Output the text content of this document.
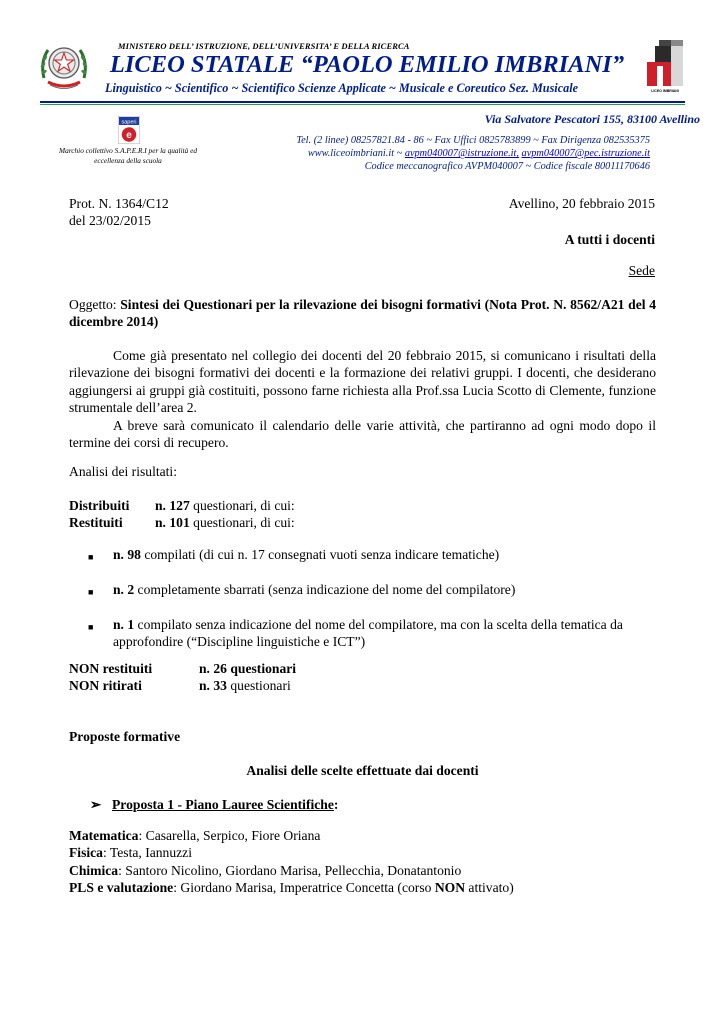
MINISTERO DELL’ ISTRUZIONE, DELL’UNIVERSITA’ E DELLA RICERCA
LICEO STATALE “PAOLO EMILIO IMBRIANI”
Linguistico ~ Scientifico ~ Scientifico Scienze Applicate ~ Musicale e Coreutico Sez. Musicale	LICEO IMBRIANI
Via Salvatore Pescatori 155, 83100 Avellino
saperi
e
Marchio collettivo S.A.P.E.R.I per la qualità ed eccellenza della scuola
Tel. (2 linee) 08257821.84 - 86 ~ Fax Uffici 0825783899 ~ Fax Dirigenza 082535375
www.liceoimbriani.it ~ avpm040007@istruzione.it, avpm040007@pec.istruzione.it
Codice meccanografico AVPM040007 ~ Codice fiscale 80011170646
Prot. N. 1364/C12
del 23/02/2015
Avellino, 20 febbraio 2015
A tutti i docenti
Sede
Oggetto: Sintesi dei Questionari per la rilevazione dei bisogni formativi (Nota Prot. N. 8562/A21 del 4 dicembre 2014)

Come già presentato nel collegio dei docenti del 20 febbraio 2015, si comunicano i risultati della rilevazione dei bisogni formativi dei docenti e la formazione dei relativi gruppi. I docenti, che desiderano aggiungersi ai gruppi già costituiti, possono farne richiesta alla Prof.ssa Lucia Scotto di Clemente, funzione strumentale dell’area 2.

A breve sarà comunicato il calendario delle varie attività, che partiranno ad ogni modo dopo il termine dei corsi di recupero.

Analisi dei risultati:
Distribuiti	n. 127 questionari, di cui:
Restituiti	n. 101 questionari, di cui:
■	n. 98 compilati (di cui n. 17 consegnati vuoti senza indicare tematiche)
■	n. 2 completamente sbarrati (senza indicazione del nome del compilatore)
■	n. 1 compilato senza indicazione del nome del compilatore, ma con la scelta della tematica da approfondire (“Discipline linguistiche e ICT”)
NON restituiti	n. 26 questionari
NON ritirati	n. 33 questionari
Proposte formative
Analisi delle scelte effettuate dai docenti
➢ Proposta 1 - Piano Lauree Scientifiche:
Matematica: Casarella, Serpico, Fiore Oriana
Fisica: Testa, Iannuzzi
Chimica: Santoro Nicolino, Giordano Marisa, Pellecchia, Donatantonio
PLS e valutazione: Giordano Marisa, Imperatrice Concetta (corso NON attivato)
